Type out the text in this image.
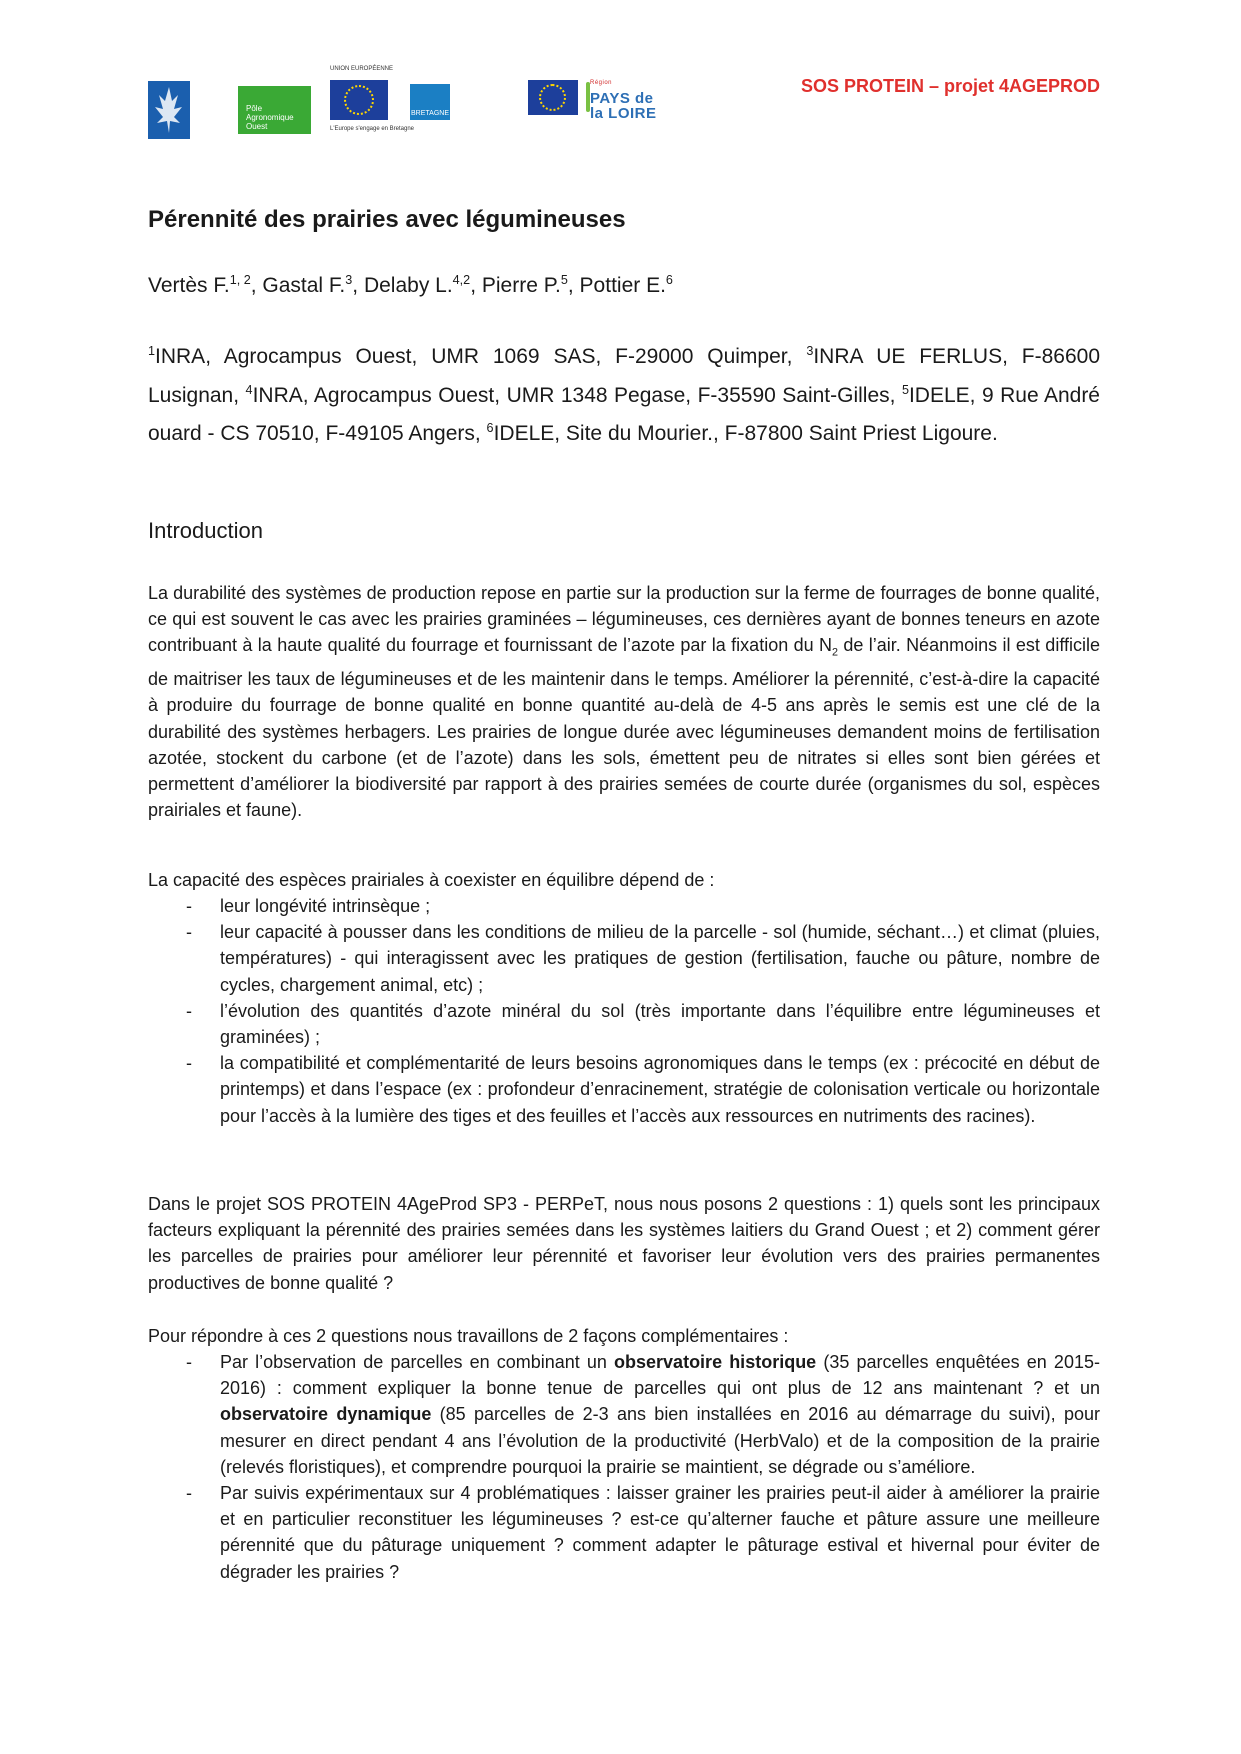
Pôle Agronomique Ouest
UNION EUROPÉENNE
BRETAGNE
L'Europe s'engage en Bretagne
Région
PAYS de la LOIRE
SOS PROTEIN – projet 4AGEPROD
Pérennité des prairies avec légumineuses

Vertès F.$^{1, 2}$, Gastal F.$^3$, Delaby L.$^{4,2}$, Pierre P.$^5$, Pottier E.$^6$

$^1$INRA, Agrocampus Ouest, UMR 1069 SAS, F-29000 Quimper, $^3$INRA UE FERLUS, F-86600 Lusignan, $^4$INRA, Agrocampus Ouest, UMR 1348 Pegase, F-35590 Saint-Gilles, $^5$IDELE, 9 Rue André ouard - CS 70510, F-49105 Angers, $^6$IDELE, Site du Mourier., F-87800 Saint Priest Ligoure.

Introduction

La durabilité des systèmes de production repose en partie sur la production sur la ferme de fourrages de bonne qualité, ce qui est souvent le cas avec les prairies graminées – légumineuses, ces dernières ayant de bonnes teneurs en azote contribuant à la haute qualité du fourrage et fournissant de l’azote par la fixation du $N_2$ de l’air. Néanmoins il est difficile de maitriser les taux de légumineuses et de les maintenir dans le temps. Améliorer la pérennité, c’est-à-dire la capacité à produire du fourrage de bonne qualité en bonne quantité au-delà de 4-5 ans après le semis est une clé de la durabilité des systèmes herbagers. Les prairies de longue durée avec légumineuses demandent moins de fertilisation azotée, stockent du carbone (et de l’azote) dans les sols, émettent peu de nitrates si elles sont bien gérées et permettent d’améliorer la biodiversité par rapport à des prairies semées de courte durée (organismes du sol, espèces prairiales et faune).

La capacité des espèces prairiales à coexister en équilibre dépend de :

- leur longévité intrinsèque ;
- leur capacité à pousser dans les conditions de milieu de la parcelle - sol (humide, séchant…) et climat (pluies, températures) - qui interagissent avec les pratiques de gestion (fertilisation, fauche ou pâture, nombre de cycles, chargement animal, etc) ;
- l’évolution des quantités d’azote minéral du sol (très importante dans l’équilibre entre légumineuses et graminées) ;
- la compatibilité et complémentarité de leurs besoins agronomiques dans le temps (ex : précocité en début de printemps) et dans l’espace (ex : profondeur d’enracinement, stratégie de colonisation verticale ou horizontale pour l’accès à la lumière des tiges et des feuilles et l’accès aux ressources en nutriments des racines).

Dans le projet SOS PROTEIN 4AgeProd SP3 - PERPeT, nous nous posons 2 questions : 1) quels sont les principaux facteurs expliquant la pérennité des prairies semées dans les systèmes laitiers du Grand Ouest ; et 2) comment gérer les parcelles de prairies pour améliorer leur pérennité et favoriser leur évolution vers des prairies permanentes productives de bonne qualité ?

Pour répondre à ces 2 questions nous travaillons de 2 façons complémentaires :

- Par l’observation de parcelles en combinant un observatoire historique (35 parcelles enquêtées en 2015-2016) : comment expliquer la bonne tenue de parcelles qui ont plus de 12 ans maintenant ? et un observatoire dynamique (85 parcelles de 2-3 ans bien installées en 2016 au démarrage du suivi), pour mesurer en direct pendant 4 ans l’évolution de la productivité (HerbValo) et de la composition de la prairie (relevés floristiques), et comprendre pourquoi la prairie se maintient, se dégrade ou s’améliore.
- Par suivis expérimentaux sur 4 problématiques : laisser grainer les prairies peut-il aider à améliorer la prairie et en particulier reconstituer les légumineuses ? est-ce qu’alterner fauche et pâture assure une meilleure pérennité que du pâturage uniquement ? comment adapter le pâturage estival et hivernal pour éviter de dégrader les prairies ?
